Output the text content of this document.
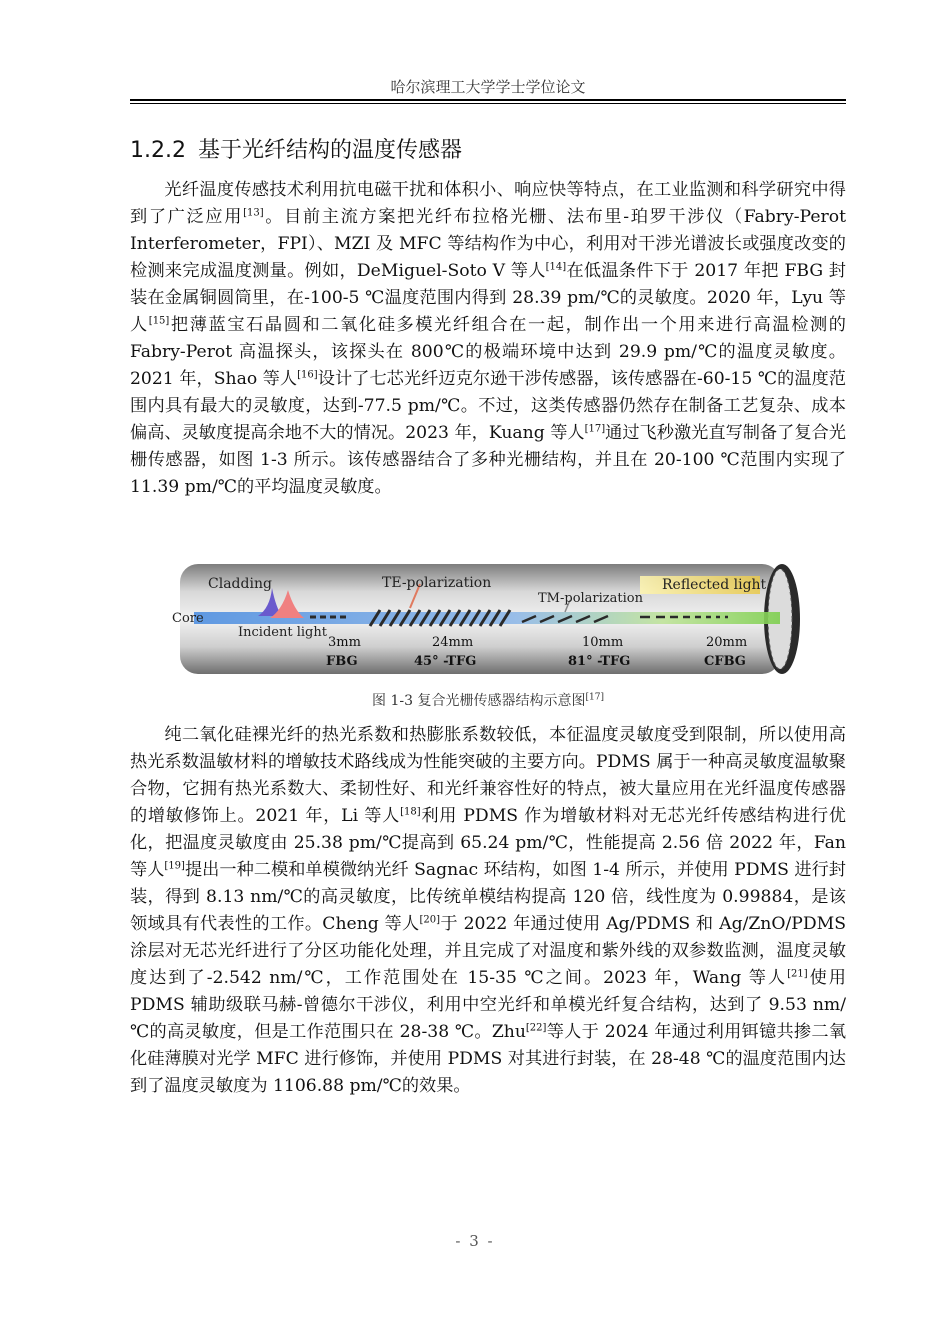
哈尔滨理工大学学士学位论文
1.2.2 基于光纤结构的温度传感器

光纤温度传感技术利用抗电磁干扰和体积小、响应快等特点，在工业监测和科学研究中得到了广泛应用[13]。目前主流方案把光纤布拉格光栅、法布里-珀罗干涉仪（Fabry-Perot Interferometer，FPI）、MZI 及 MFC 等结构作为中心，利用对干涉光谱波长或强度改变的检测来完成温度测量。例如，DeMiguel-Soto V 等人[14]在低温条件下于 2017 年把 FBG 封装在金属铜圆筒里，在-100-5 ℃温度范围内得到 28.39 pm/℃的灵敏度。2020 年，Lyu 等人[15]把薄蓝宝石晶圆和二氧化硅多模光纤组合在一起，制作出一个用来进行高温检测的 Fabry-Perot 高温探头，该探头在 800℃的极端环境中达到 29.9 pm/℃的温度灵敏度。2021 年，Shao 等人[16]设计了七芯光纤迈克尔逊干涉传感器，该传感器在-60-15 ℃的温度范围内具有最大的灵敏度，达到-77.5 pm/℃。不过，这类传感器仍然存在制备工艺复杂、成本偏高、灵敏度提高余地不大的情况。2023 年，Kuang 等人[17]通过飞秒激光直写制备了复合光栅传感器，如图 1-3 所示。该传感器结合了多种光栅结构，并且在 20-100 ℃范围内实现了 11.39 pm/℃的平均温度灵敏度。

Cladding
Core
Incident light
TE-polarization
TM-polarization
Reflected light
3mm
FBG
24mm
45° -TFG
10mm
81° -TFG
20mm
CFBG
图 1-3 复合光栅传感器结构示意图[17]

纯二氧化硅裸光纤的热光系数和热膨胀系数较低，本征温度灵敏度受到限制，所以使用高热光系数温敏材料的增敏技术路线成为性能突破的主要方向。PDMS 属于一种高灵敏度温敏聚合物，它拥有热光系数大、柔韧性好、和光纤兼容性好的特点，被大量应用在光纤温度传感器的增敏修饰上。2021 年，Li 等人[18]利用 PDMS 作为增敏材料对无芯光纤传感结构进行优化，把温度灵敏度由 25.38 pm/℃提高到 65.24 pm/℃，性能提高 2.56 倍 2022 年，Fan 等人[19]提出一种二模和单模微纳光纤 Sagnac 环结构，如图 1-4 所示，并使用 PDMS 进行封装，得到 8.13 nm/℃的高灵敏度，比传统单模结构提高 120 倍，线性度为 0.99884，是该领域具有代表性的工作。Cheng 等人[20]于 2022 年通过使用 Ag/PDMS 和 Ag/ZnO/PDMS 涂层对无芯光纤进行了分区功能化处理，并且完成了对温度和紫外线的双参数监测，温度灵敏度达到了-2.542 nm/℃，工作范围处在 15-35 ℃之间。2023 年，Wang 等人[21]使用 PDMS 辅助级联马赫-曾德尔干涉仪，利用中空光纤和单模光纤复合结构，达到了 9.53 nm/℃的高灵敏度，但是工作范围只在 28-38 ℃。Zhu[22]等人于 2024 年通过利用铒镱共掺二氧化硅薄膜对光学 MFC 进行修饰，并使用 PDMS 对其进行封装，在 28-48 ℃的温度范围内达到了温度灵敏度为 1106.88 pm/℃的效果。

- 3 -
